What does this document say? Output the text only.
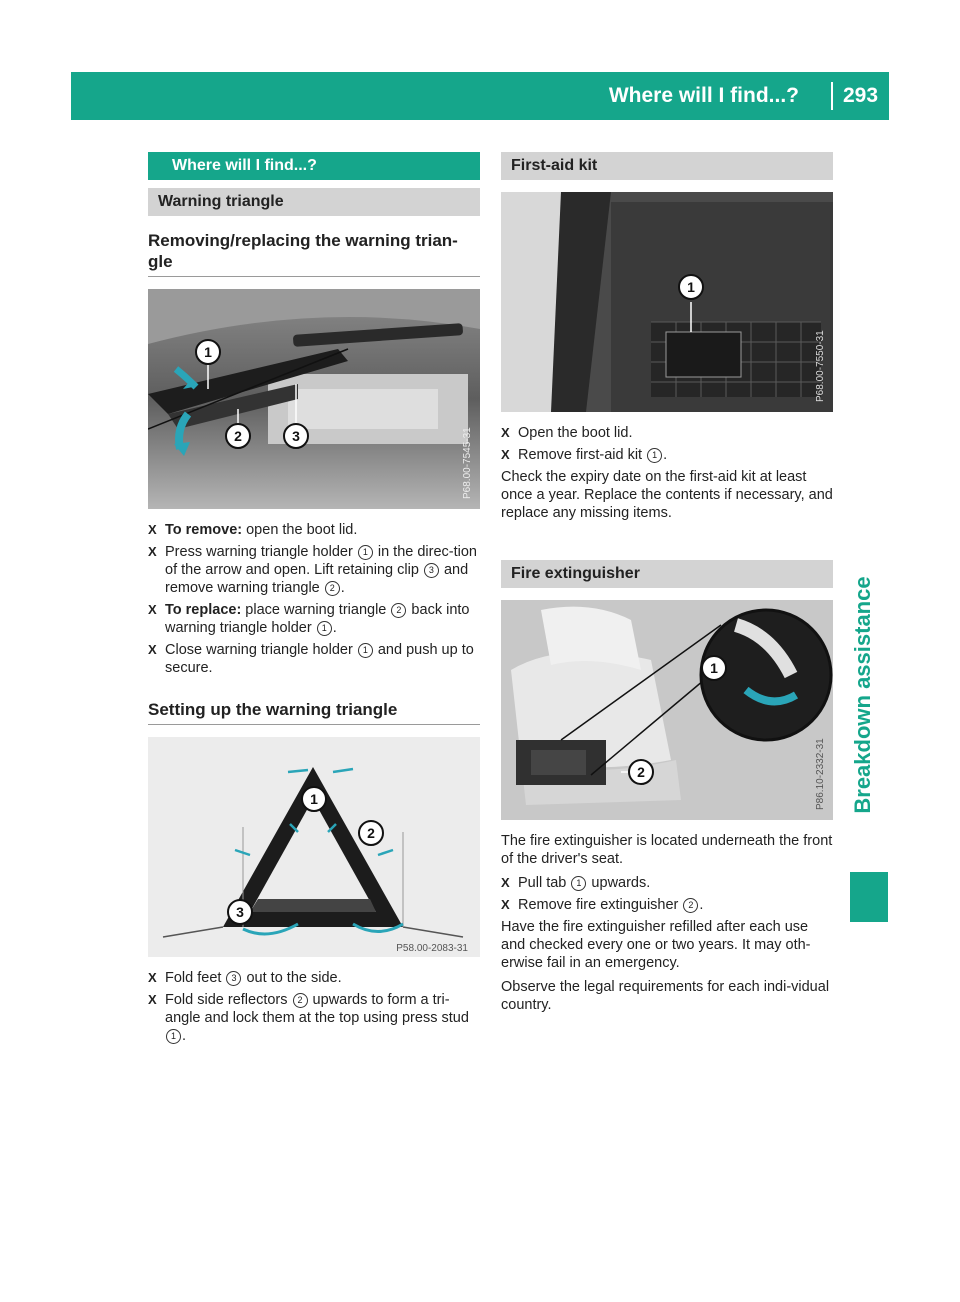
Where will I find...? 293
Breakdown assistance
Where will I find...?
Warning triangle
Removing/replacing the warning trian-
gle
1
2	3	P68.00-7545-31
X To remove: open the boot lid.
X Press warning triangle holder 1 in the direc-tion of the arrow and open. Lift retaining clip 3 and remove warning triangle 2 .
X To replace: place warning triangle 2 back into warning triangle holder 1 .
X Close warning triangle holder 1 and push up to secure.
Setting up the warning triangle
1
2
3
P58.00-2083-31
X Fold feet 3 out to the side.
X Fold side reflectors 2 upwards to form a tri-angle and lock them at the top using press stud 1 .
First-aid kit
1
P68.00-7550-31
X Open the boot lid.
X Remove first-aid kit 1 .

Check the expiry date on the first-aid kit at least once a year. Replace the contents if necessary, and replace any missing items.

Fire extinguisher
1
2	P86.10-2332-31

The fire extinguisher is located underneath the front of the driver's seat.

X Pull tab 1 upwards.
X Remove fire extinguisher 2 .

Have the fire extinguisher refilled after each use and checked every one or two years. It may oth-erwise fail in an emergency.

Observe the legal requirements for each indi-vidual country.
